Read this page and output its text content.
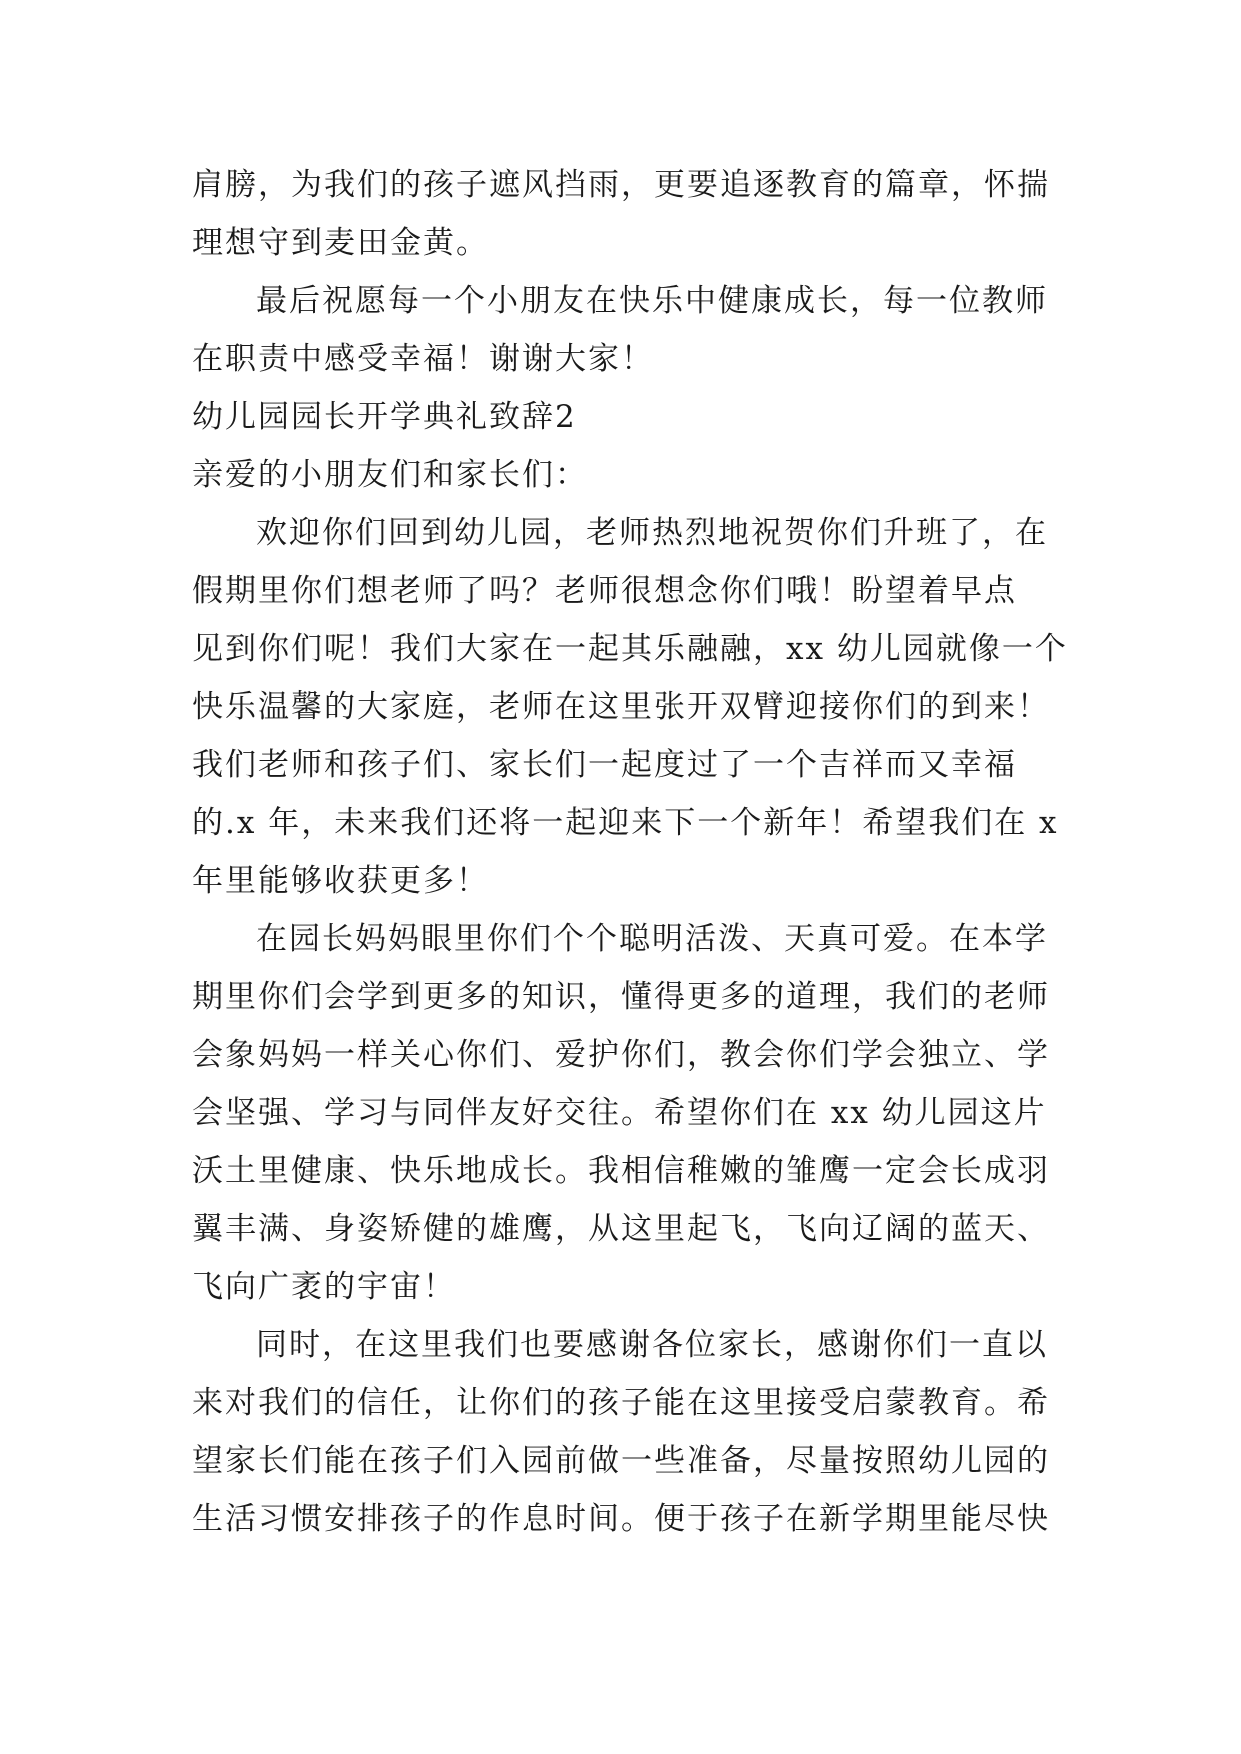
肩膀，为我们的孩子遮风挡雨，更要追逐教育的篇章，怀揣
理想守到麦田金黄。
最后祝愿每一个小朋友在快乐中健康成长，每一位教师
在职责中感受幸福！谢谢大家！
幼儿园园长开学典礼致辞2
亲爱的小朋友们和家长们：
欢迎你们回到幼儿园，老师热烈地祝贺你们升班了，在
假期里你们想老师了吗？老师很想念你们哦！盼望着早点
见到你们呢！我们大家在一起其乐融融，xx 幼儿园就像一个
快乐温馨的大家庭，老师在这里张开双臂迎接你们的到来！
我们老师和孩子们、家长们一起度过了一个吉祥而又幸福
的.x 年，未来我们还将一起迎来下一个新年！希望我们在 x
年里能够收获更多！
在园长妈妈眼里你们个个聪明活泼、天真可爱。在本学
期里你们会学到更多的知识，懂得更多的道理，我们的老师
会象妈妈一样关心你们、爱护你们，教会你们学会独立、学
会坚强、学习与同伴友好交往。希望你们在 xx 幼儿园这片
沃土里健康、快乐地成长。我相信稚嫩的雏鹰一定会长成羽
翼丰满、身姿矫健的雄鹰，从这里起飞，飞向辽阔的蓝天、
飞向广袤的宇宙！
同时，在这里我们也要感谢各位家长，感谢你们一直以
来对我们的信任，让你们的孩子能在这里接受启蒙教育。希
望家长们能在孩子们入园前做一些准备，尽量按照幼儿园的
生活习惯安排孩子的作息时间。便于孩子在新学期里能尽快
